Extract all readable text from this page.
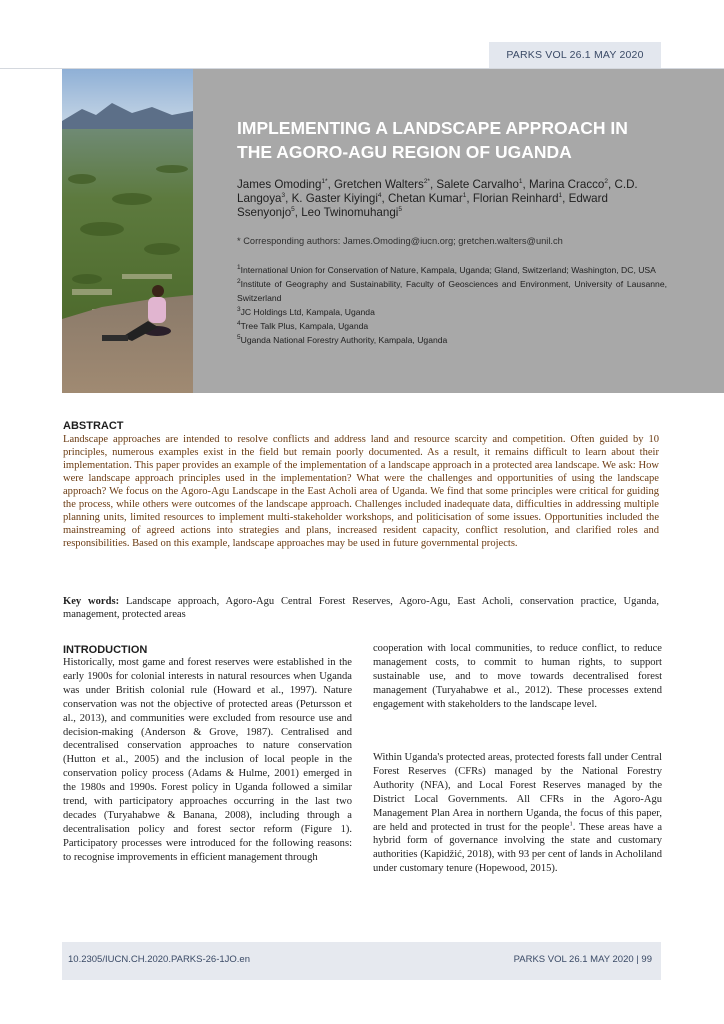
PARKS VOL 26.1 MAY 2020
IMPLEMENTING A LANDSCAPE APPROACH IN
THE AGORO-AGU REGION OF UGANDA
James Omoding$^{1*}$, Gretchen Walters$^{2*}$, Salete Carvalho$^1$, Marina Cracco$^2$, C.D. Langoya$^3$, K. Gaster Kiyingi$^4$, Chetan Kumar$^1$, Florian Reinhard$^1$, Edward Ssenyonjo$^5$, Leo Twinomuhangi$^5$
* Corresponding authors: James.Omoding@iucn.org; gretchen.walters@unil.ch
$^1$International Union for Conservation of Nature, Kampala, Uganda; Gland, Switzerland; Washington, DC, USA
$^2$Institute of Geography and Sustainability, Faculty of Geosciences and Environment, University of Lausanne, Switzerland
$^3$JC Holdings Ltd, Kampala, Uganda
$^4$Tree Talk Plus, Kampala, Uganda
$^5$Uganda National Forestry Authority, Kampala, Uganda
ABSTRACT

Landscape approaches are intended to resolve conflicts and address land and resource scarcity and competition. Often guided by 10 principles, numerous examples exist in the field but remain poorly documented. As a result, it remains difficult to learn about their implementation. This paper provides an example of the implementation of a landscape approach in a protected area landscape. We ask: How were landscape approach principles used in the implementation? What were the challenges and opportunities of using the landscape approach? We focus on the Agoro-Agu Landscape in the East Acholi area of Uganda. We find that some principles were critical for guiding the process, while others were outcomes of the landscape approach. Challenges included inadequate data, difficulties in addressing multiple planning units, limited resources to implement multi-stakeholder workshops, and politicisation of some issues. Opportunities included the mainstreaming of agreed actions into strategies and plans, increased resident capacity, conflict resolution, and clarified roles and responsibilities. Based on this example, landscape approaches may be used in future governmental projects.

Key words: Landscape approach, Agoro-Agu Central Forest Reserves, Agoro-Agu, East Acholi, conservation practice, Uganda, management, protected areas

INTRODUCTION

Historically, most game and forest reserves were established in the early 1900s for colonial interests in natural resources when Uganda was under British colonial rule (Howard et al., 1997). Nature conservation was not the objective of protected areas (Petursson et al., 2013), and communities were excluded from resource use and decision-making (Anderson & Grove, 1987). Centralised and decentralised conservation approaches to nature conservation (Hutton et al., 2005) and the inclusion of local people in the conservation policy process (Adams & Hulme, 2001) emerged in the 1980s and 1990s. Forest policy in Uganda followed a similar trend, with participatory approaches occurring in the last two decades (Turyahabwe & Banana, 2008), including through a decentralisation policy and forest sector reform (Figure 1). Participatory processes were introduced for the following reasons: to recognise improvements in efficient management through

cooperation with local communities, to reduce conflict, to reduce management costs, to commit to human rights, to support sustainable use, and to move towards decentralised forest management (Turyahabwe et al., 2012). These processes extend engagement with stakeholders to the landscape level.

Within Uganda's protected areas, protected forests fall under Central Forest Reserves (CFRs) managed by the National Forestry Authority (NFA), and Local Forest Reserves managed by the District Local Governments. All CFRs in the Agoro-Agu Management Plan Area in northern Uganda, the focus of this paper, are held and protected in trust for the people$^1$. These areas have a hybrid form of governance involving the state and customary authorities (Kapidžić, 2018), with 93 per cent of lands in Acholiland under customary tenure (Hopewood, 2015).

10.2305/IUCN.CH.2020.PARKS-26-1JO.en	PARKS VOL 26.1 MAY 2020 | 99
